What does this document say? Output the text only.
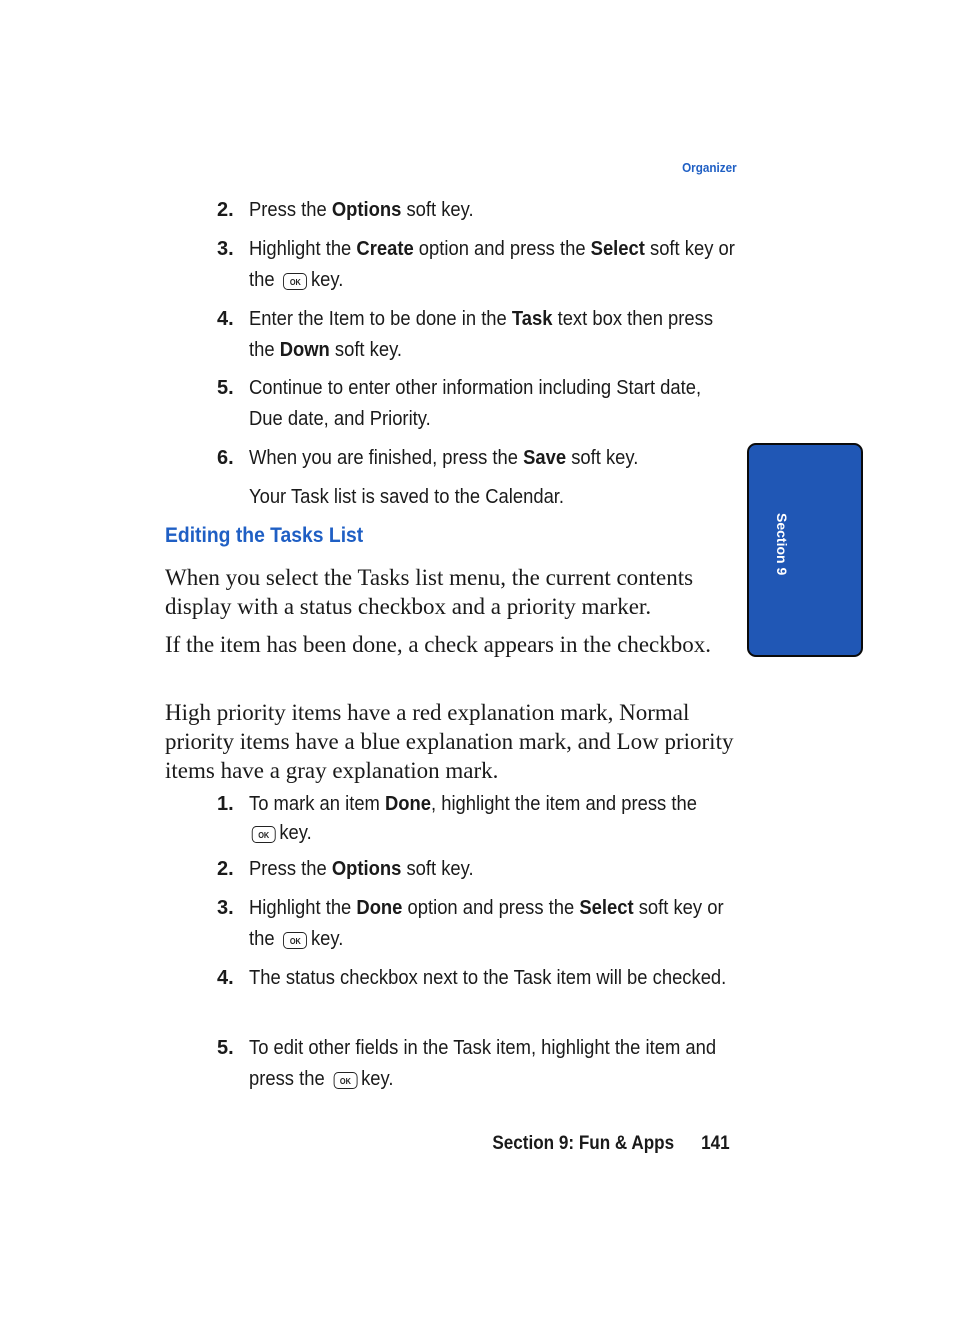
Organizer
Section 9
2. Press the Options soft key.
3. Highlight the Create option and press the Select soft key or the OK key.
4. Enter the Item to be done in the Task text box then press the Down soft key.
5. Continue to enter other information including Start date, Due date, and Priority.
6. When you are finished, press the Save soft key.
Your Task list is saved to the Calendar.
Editing the Tasks List
When you select the Tasks list menu, the current contents display with a status checkbox and a priority marker.
If the item has been done, a check appears in the checkbox.
High priority items have a red explanation mark, Normal priority items have a blue explanation mark, and Low priority items have a gray explanation mark.
1. To mark an item Done, highlight the item and press the
OK key.
2. Press the Options soft key.
3. Highlight the Done option and press the Select soft key or the OK key.
4. The status checkbox next to the Task item will be checked.
5. To edit other fields in the Task item, highlight the item and press the OK key.
Section 9: Fun & Apps 141
